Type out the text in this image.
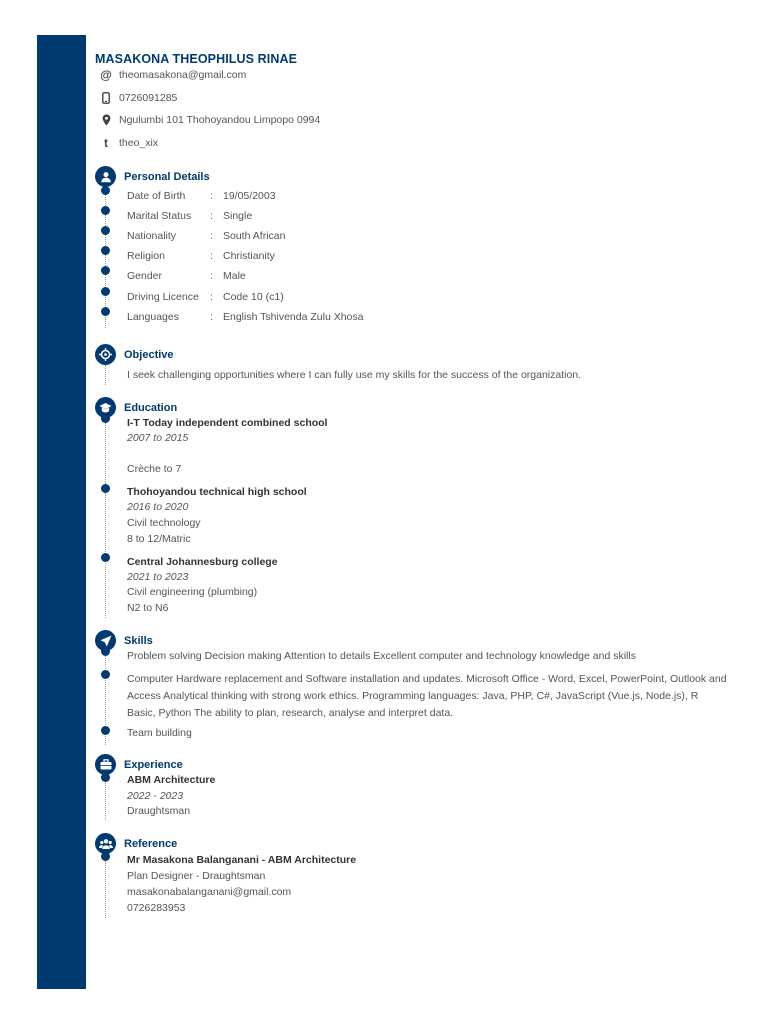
MASAKONA THEOPHILUS RINAE
@ theomasakona@gmail.com
0726091285
Ngulumbi 101 Thohoyandou Limpopo 0994
t	theo_xix
Personal Details
Date of Birth : 19/05/2003
Marital Status : Single
Nationality	: South African
Religion	: Christianity
Gender	: Male
Driving Licence : Code 10 (c1)
Languages	: English Tshivenda Zulu Xhosa
Objective
I seek challenging opportunities where I can fully use my skills for the success of the organization.
Education
I-T Today independent combined school
2007 to 2015
Crèche to 7
Thohoyandou technical high school
2016 to 2020
Civil technology
8 to 12/Matric
Central Johannesburg college
2021 to 2023
Civil engineering (plumbing)
N2 to N6
Skills
Problem solving Decision making Attention to details Excellent computer and technology knowledge and skills
Computer Hardware replacement and Software installation and updates. Microsoft Office - Word, Excel, PowerPoint, Outlook and Access Analytical thinking with strong work ethics. Programming languages: Java, PHP, C#, JavaScript (Vue.js, Node.js), R Basic, Python The ability to plan, research, analyse and interpret data.
Team building
Experience
ABM Architecture
2022 - 2023
Draughtsman
Reference
Mr Masakona Balanganani - ABM Architecture
Plan Designer - Draughtsman
masakonabalanganani@gmail.com
0726283953
